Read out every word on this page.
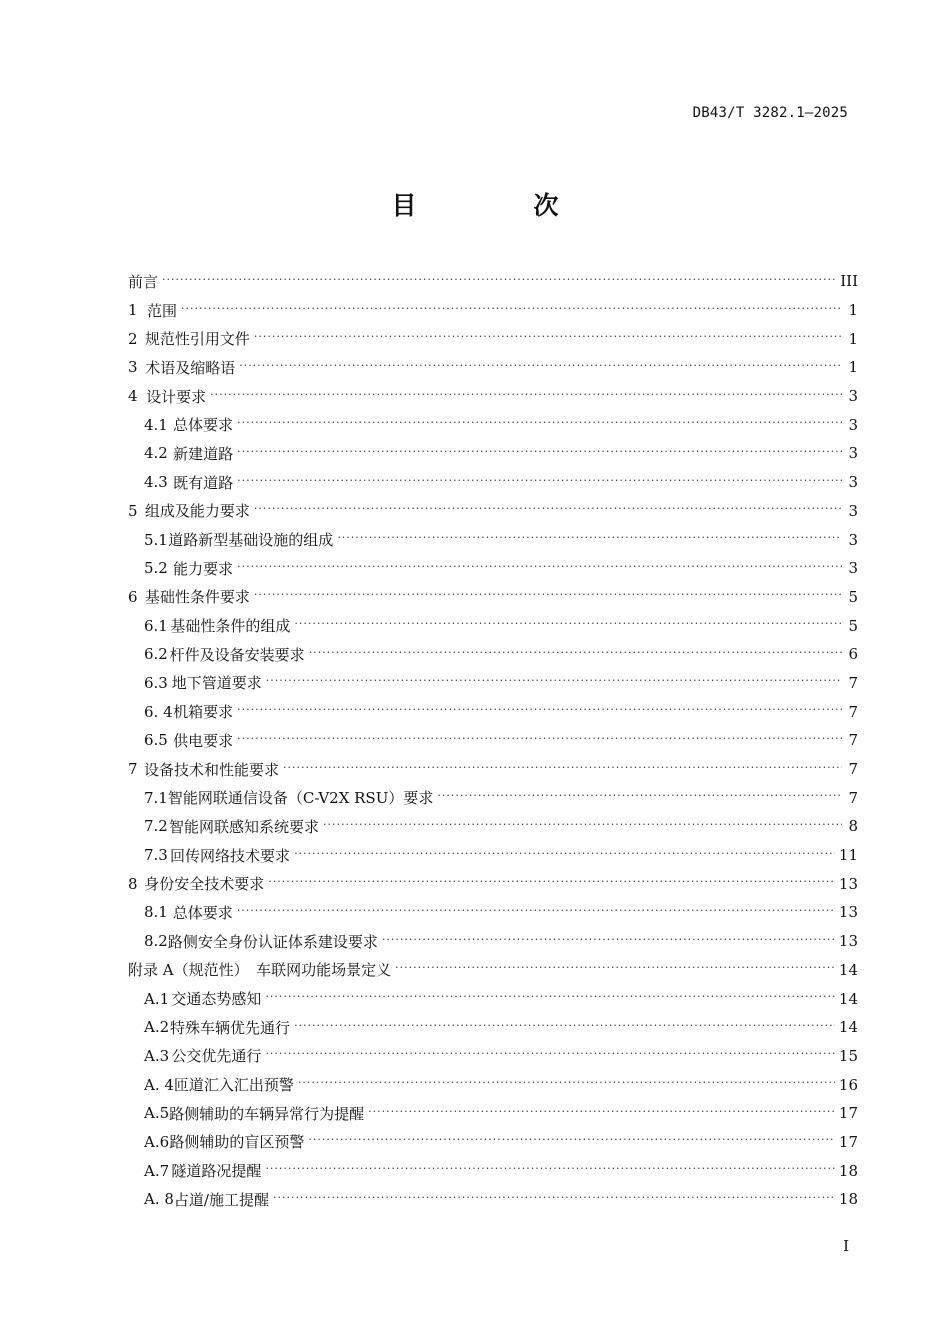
DB43/T 3282.1—2025
目　次
前言 ·····	III
1 范围 ·····	1
2 规范性引用文件 ·····	1
3 术语及缩略语 ·····	1
4 设计要求 ·····	3
4.1 总体要求 ·····	3
4.2 新建道路 ·····	3
4.3 既有道路 ·····	3
5 组成及能力要求 ·····	3
5.1 道路新型基础设施的组成 ·····	3
5.2 能力要求 ·····	3
6 基础性条件要求 ·····	5
6.1 基础性条件的组成 ·····	5
6.2 杆件及设备安装要求 ·····	6
6.3 地下管道要求 ·····	7
6. 4 机箱要求 ·····	7
6.5 供电要求 ·····	7
7 设备技术和性能要求 ·····	7
7.1 智能网联通信设备（C-V2X RSU）要求 ·····	7
7.2 智能网联感知系统要求 ·····	8
7.3 回传网络技术要求 ·····	11
8 身份安全技术要求 ·····	13
8.1 总体要求 ·····	13
8.2 路侧安全身份认证体系建设要求 ·····	13
附录 A（规范性）　车联网功能场景定义 ·····	14
A.1 交通态势感知 ·····	14
A.2 特殊车辆优先通行 ·····	14
A.3 公交优先通行 ·····	15
A. 4 匝道汇入汇出预警 ·····	16
A.5 路侧辅助的车辆异常行为提醒 ·····	17
A.6 路侧辅助的盲区预警 ·····	17
A.7 隧道路况提醒 ·····	18
A. 8 占道/施工提醒 ·····	18
I
